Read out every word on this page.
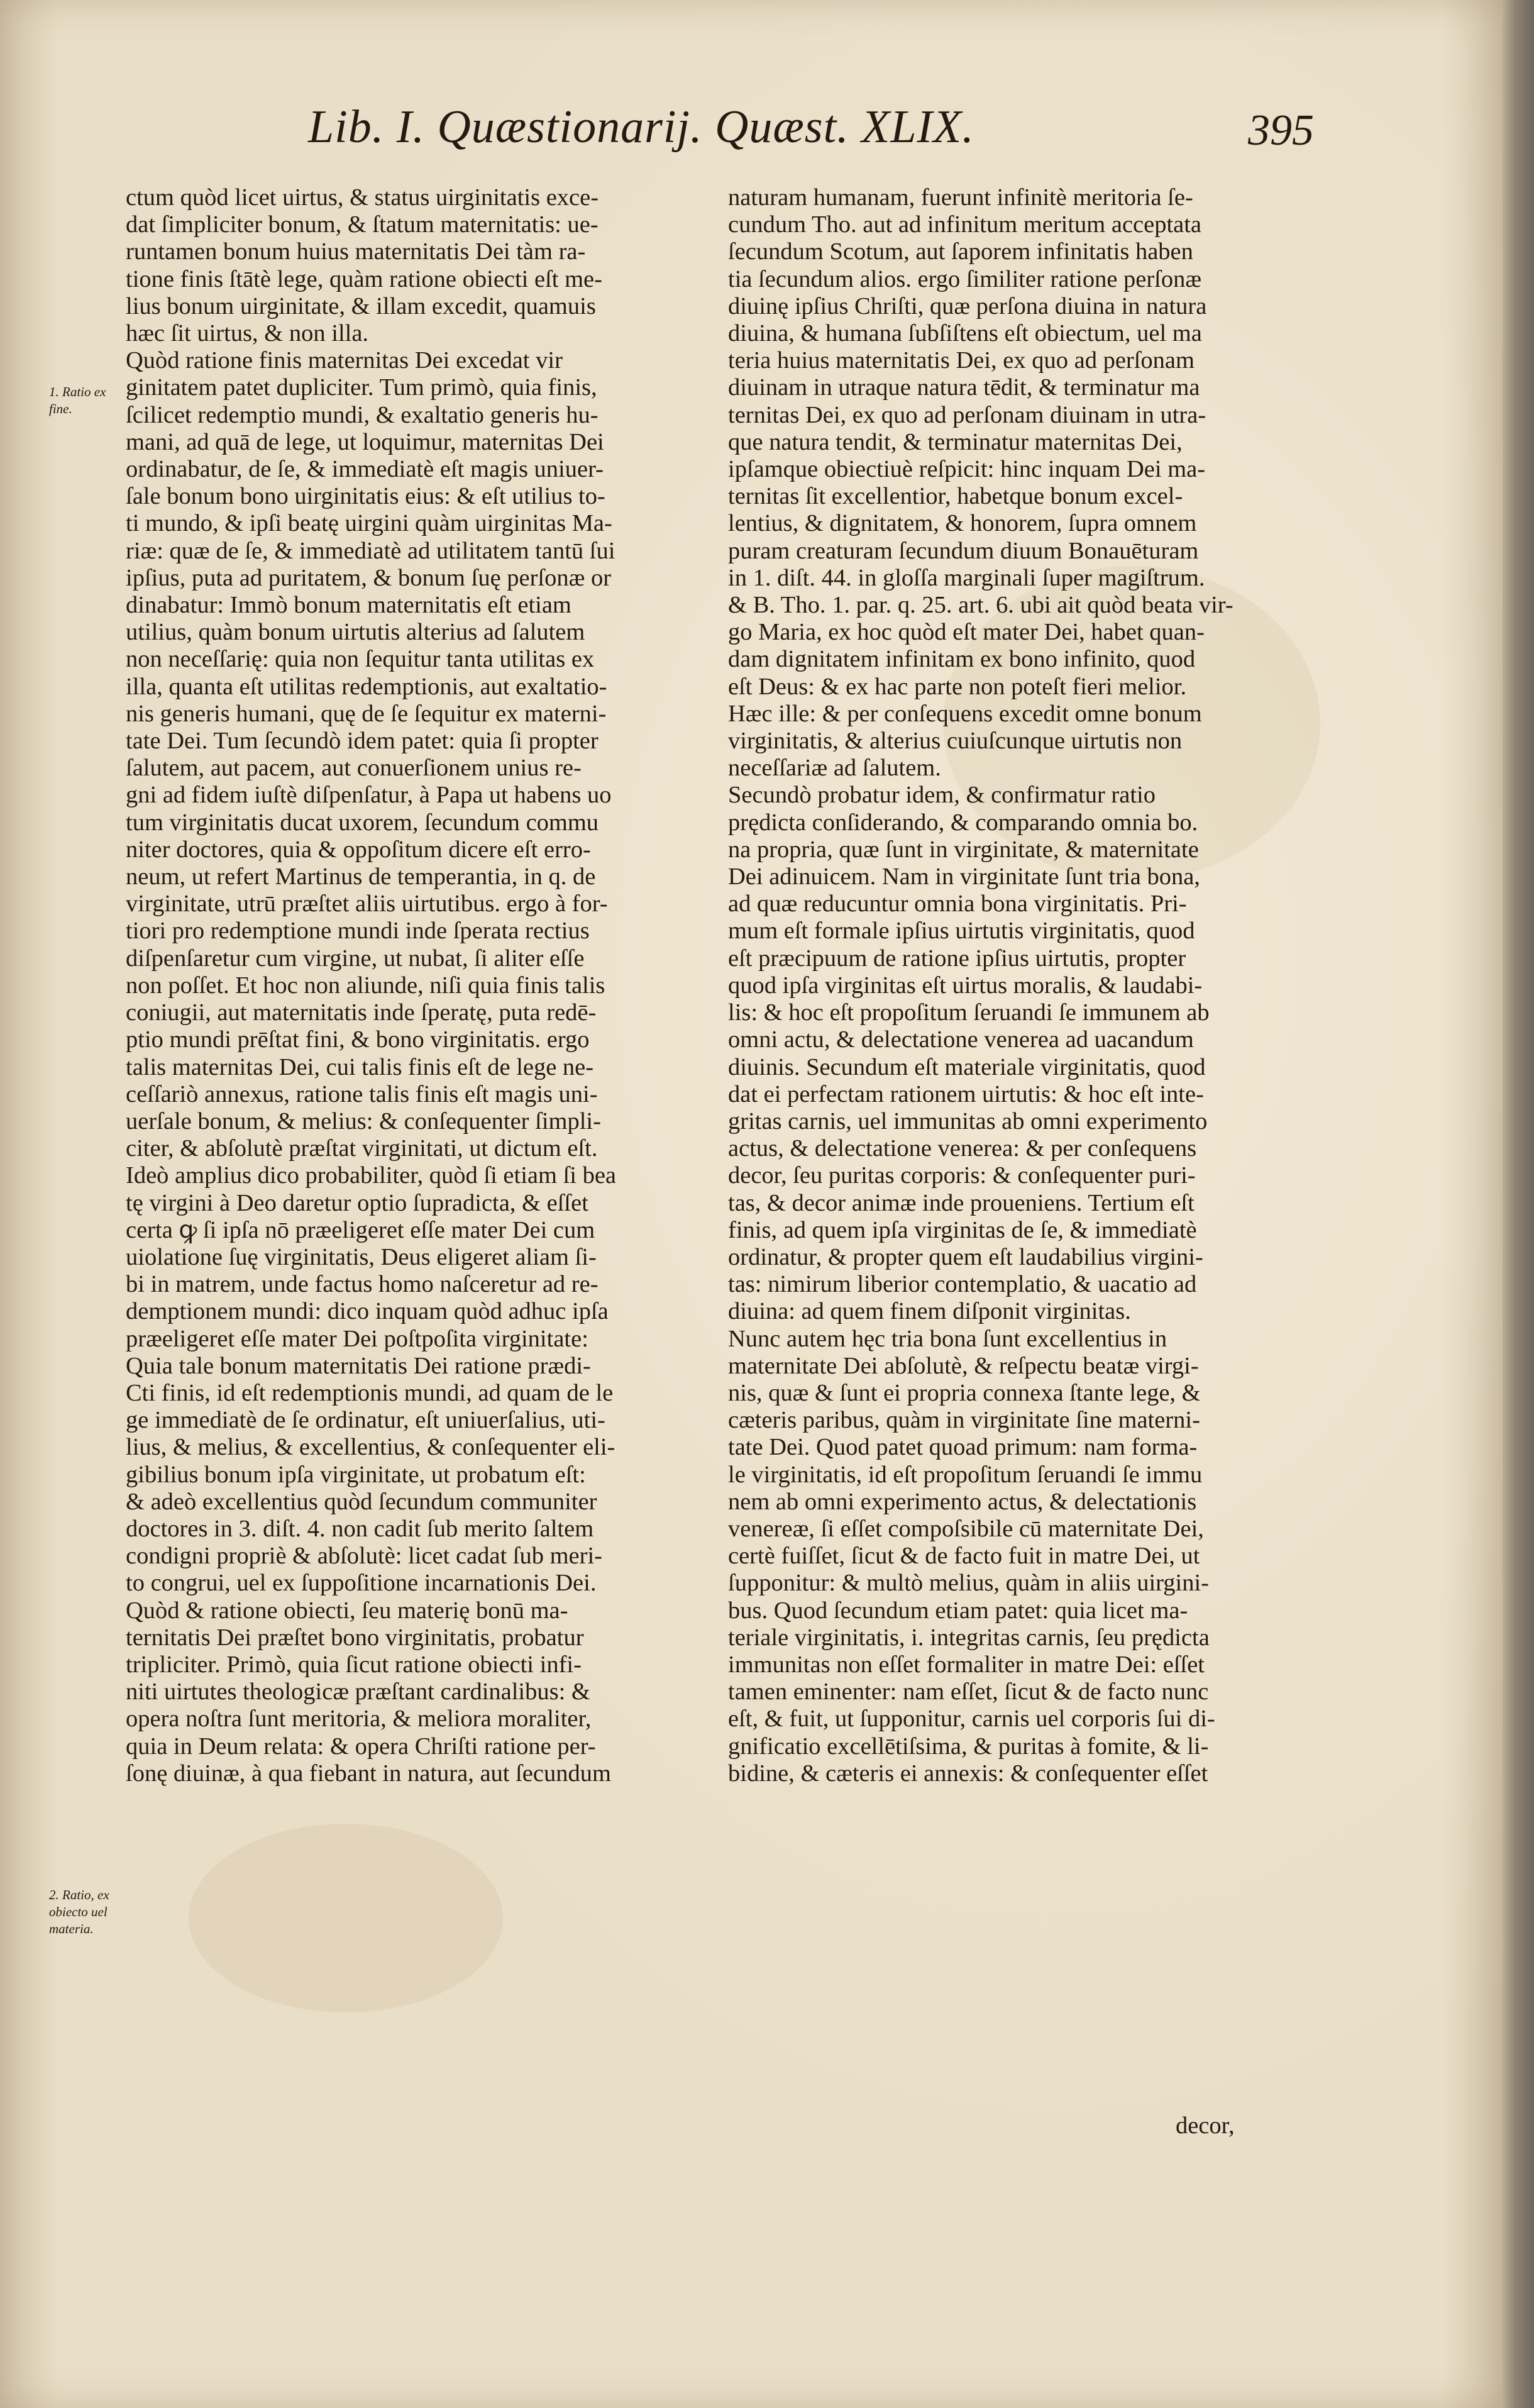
Lib. I. Quæstionarij. Quæst. XLIX.	395
1. Ratio ex fine.
2. Ratio, ex obiecto uel materia.

ctum quòd licet uirtus, & status uirginitatis exce-
dat ſimpliciter bonum, & ſtatum maternitatis: ue-
runtamen bonum huius maternitatis Dei tàm ra-
tione finis ſtātè lege, quàm ratione obiecti eſt me-
lius bonum uirginitate, & illam excedit, quamuis
hæc ſit uirtus, & non illa.

Quòd ratione finis maternitas Dei excedat vir
ginitatem patet dupliciter. Tum primò, quia finis,
ſcilicet redemptio mundi, & exaltatio generis hu-
mani, ad quā de lege, ut loquimur, maternitas Dei
ordinabatur, de ſe, & immediatè eſt magis uniuer-
ſale bonum bono uirginitatis eius: & eſt utilius to-
ti mundo, & ipſi beatę uirgini quàm uirginitas Ma-
riæ: quæ de ſe, & immediatè ad utilitatem tantū ſui
ipſius, puta ad puritatem, & bonum ſuę perſonæ or
dinabatur: Immò bonum maternitatis eſt etiam
utilius, quàm bonum uirtutis alterius ad ſalutem
non neceſſarię: quia non ſequitur tanta utilitas ex
illa, quanta eſt utilitas redemptionis, aut exaltatio-
nis generis humani, quę de ſe ſequitur ex materni-
tate Dei. Tum ſecundò idem patet: quia ſi propter
ſalutem, aut pacem, aut conuerſionem unius re-
gni ad fidem iuſtè diſpenſatur, à Papa ut habens uo
tum virginitatis ducat uxorem, ſecundum commu
niter doctores, quia & oppoſitum dicere eſt erro-
neum, ut refert Martinus de temperantia, in q. de
virginitate, utrū præſtet aliis uirtutibus. ergo à for-
tiori pro redemptione mundi inde ſperata rectius
diſpenſaretur cum virgine, ut nubat, ſi aliter eſſe
non poſſet. Et hoc non aliunde, niſi quia finis talis
coniugii, aut maternitatis inde ſperatę, puta redē-
ptio mundi prēſtat fini, & bono virginitatis. ergo
talis maternitas Dei, cui talis finis eſt de lege ne-
ceſſariò annexus, ratione talis finis eſt magis uni-
uerſale bonum, & melius: & conſequenter ſimpli-
citer, & abſolutè præſtat virginitati, ut dictum eſt.
Ideò amplius dico probabiliter, quòd ſi etiam ſi bea
tę virgini à Deo daretur optio ſupradicta, & eſſet
certa ꝙ ſi ipſa nō præeligeret eſſe mater Dei cum
uiolatione ſuę virginitatis, Deus eligeret aliam ſi-
bi in matrem, unde factus homo naſceretur ad re-
demptionem mundi: dico inquam quòd adhuc ipſa
præeligeret eſſe mater Dei poſtpoſita virginitate:
Quia tale bonum maternitatis Dei ratione prædi-
Cti finis, id eſt redemptionis mundi, ad quam de le
ge immediatè de ſe ordinatur, eſt uniuerſalius, uti-
lius, & melius, & excellentius, & conſequenter eli-
gibilius bonum ipſa virginitate, ut probatum eſt:
& adeò excellentius quòd ſecundum communiter
doctores in 3. diſt. 4. non cadit ſub merito ſaltem
condigni propriè & abſolutè: licet cadat ſub meri-
to congrui, uel ex ſuppoſitione incarnationis Dei.

Quòd & ratione obiecti, ſeu materię bonū ma-
ternitatis Dei præſtet bono virginitatis, probatur
tripliciter. Primò, quia ſicut ratione obiecti infi-
niti uirtutes theologicæ præſtant cardinalibus: &
opera noſtra ſunt meritoria, & meliora moraliter,
quia in Deum relata: & opera Chriſti ratione per-
ſonę diuinæ, à qua fiebant in natura, aut ſecundum

naturam humanam, fuerunt infinitè meritoria ſe-
cundum Tho. aut ad infinitum meritum acceptata
ſecundum Scotum, aut ſaporem infinitatis haben
tia ſecundum alios. ergo ſimiliter ratione perſonæ
diuinę ipſius Chriſti, quæ perſona diuina in natura
diuina, & humana ſubſiſtens eſt obiectum, uel ma
teria huius maternitatis Dei, ex quo ad perſonam
diuinam in utraque natura tēdit, & terminatur ma
ternitas Dei, ex quo ad perſonam diuinam in utra-
que natura tendit, & terminatur maternitas Dei,
ipſamque obiectiuè reſpicit: hinc inquam Dei ma-
ternitas ſit excellentior, habetque bonum excel-
lentius, & dignitatem, & honorem, ſupra omnem
puram creaturam ſecundum diuum Bonauēturam
in 1. diſt. 44. in gloſſa marginali ſuper magiſtrum.
& B. Tho. 1. par. q. 25. art. 6. ubi ait quòd beata vir-
go Maria, ex hoc quòd eſt mater Dei, habet quan-
dam dignitatem infinitam ex bono infinito, quod
eſt Deus: & ex hac parte non poteſt fieri melior.
Hæc ille: & per conſequens excedit omne bonum
virginitatis, & alterius cuiuſcunque uirtutis non
neceſſariæ ad ſalutem.

Secundò probatur idem, & confirmatur ratio
prędicta conſiderando, & comparando omnia bo.
na propria, quæ ſunt in virginitate, & maternitate
Dei adinuicem. Nam in virginitate ſunt tria bona,
ad quæ reducuntur omnia bona virginitatis. Pri-
mum eſt formale ipſius uirtutis virginitatis, quod
eſt præcipuum de ratione ipſius uirtutis, propter
quod ipſa virginitas eſt uirtus moralis, & laudabi-
lis: & hoc eſt propoſitum ſeruandi ſe immunem ab
omni actu, & delectatione venerea ad uacandum
diuinis. Secundum eſt materiale virginitatis, quod
dat ei perfectam rationem uirtutis: & hoc eſt inte-
gritas carnis, uel immunitas ab omni experimento
actus, & delectatione venerea: & per conſequens
decor, ſeu puritas corporis: & conſequenter puri-
tas, & decor animæ inde proueniens. Tertium eſt
finis, ad quem ipſa virginitas de ſe, & immediatè
ordinatur, & propter quem eſt laudabilius virgini-
tas: nimirum liberior contemplatio, & uacatio ad
diuina: ad quem finem diſponit virginitas.

Nunc autem hęc tria bona ſunt excellentius in
maternitate Dei abſolutè, & reſpectu beatæ virgi-
nis, quæ & ſunt ei propria connexa ſtante lege, &
cæteris paribus, quàm in virginitate ſine materni-
tate Dei. Quod patet quoad primum: nam forma-
le virginitatis, id eſt propoſitum ſeruandi ſe immu
nem ab omni experimento actus, & delectationis
venereæ, ſi eſſet compoſsibile cū maternitate Dei,
certè fuiſſet, ſicut & de facto fuit in matre Dei, ut
ſupponitur: & multò melius, quàm in aliis uirgini-
bus. Quod ſecundum etiam patet: quia licet ma-
teriale virginitatis, i. integritas carnis, ſeu prędicta
immunitas non eſſet formaliter in matre Dei: eſſet
tamen eminenter: nam eſſet, ſicut & de facto nunc
eſt, & fuit, ut ſupponitur, carnis uel corporis ſui di-
gnificatio excellētiſsima, & puritas à fomite, & li-
bidine, & cæteris ei annexis: & conſequenter eſſet

decor,
